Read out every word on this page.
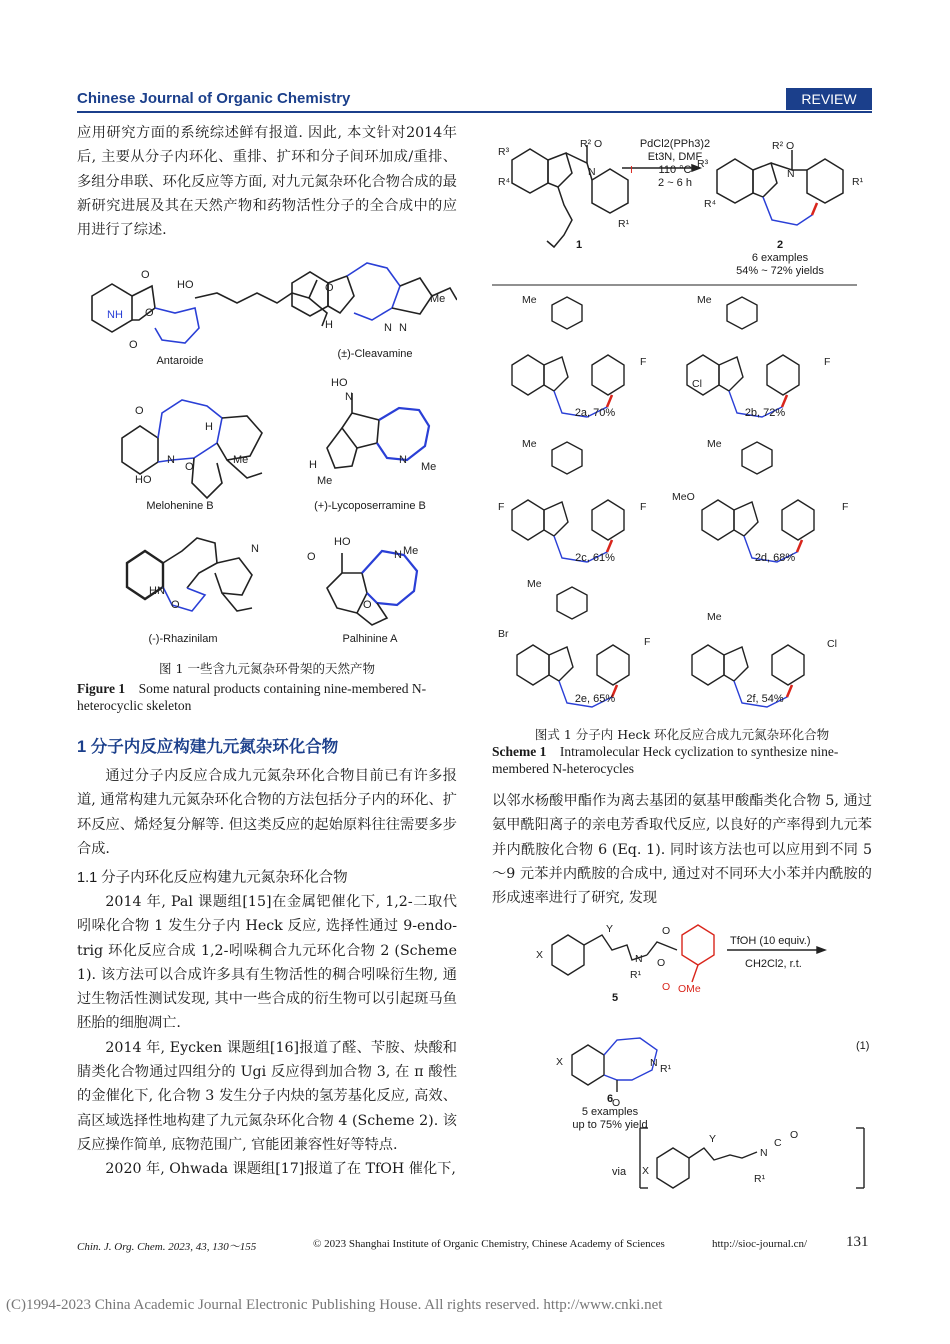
Chinese Journal of Organic Chemistry	REVIEW

应用研究方面的系统综述鲜有报道. 因此, 本文针对2014年后, 主要从分子内环化、重排、扩环和分子间环加成/重排、多组分串联、环化反应等方面, 对九元氮杂环化合物合成的最新研究进展及其在天然产物和药物活性分子的全合成中的应用进行了综述.

O
HO
NH O
O
O
Me
N N
H
O
H
N	Me
HO
O
HO
N
H
Me
Me
N
HN
O
N
HO
O	N Me
O
Antaroide
(±)-Cleavamine
Melohenine B	(+)-Lycoposerramine B
(-)-Rhazinilam	Palhinine A
图 1 一些含九元氮杂环骨架的天然产物
Figure 1 Some natural products containing nine-membered N-heterocyclic skeleton
1 分子内反应构建九元氮杂环化合物

通过分子内反应合成九元氮杂环化合物目前已有许多报道, 通常构建九元氮杂环化合物的方法包括分子内的环化、扩环反应、烯烃复分解等. 但这类反应的起始原料往往需要多步合成.

1.1 分子内环化反应构建九元氮杂环化合物

2014 年, Pal 课题组[15]在金属钯催化下, 1,2-二取代吲哚化合物 1 发生分子内 Heck 反应, 选择性通过 9-endo-trig 环化反应合成 1,2-吲哚稠合九元环化合物 2 (Scheme 1). 该方法可以合成许多具有生物活性的稠合吲哚衍生物, 通过生物活性测试发现, 其中一些合成的衍生物可以引起斑马鱼胚胎的细胞凋亡.

2014 年, Eycken 课题组[16]报道了醛、苄胺、炔酸和腈类化合物通过四组分的 Ugi 反应得到加合物 3, 在 π 酸性的金催化下, 化合物 3 发生分子内炔的氢芳基化反应, 高效、高区域选择性地构建了九元氮杂环化合物 4 (Scheme 2). 该反应操作简单, 底物范围广, 官能团兼容性好等特点.

2020 年, Ohwada 课题组[17]报道了在 TfOH 催化下,

R³
R⁴
R² O
N	I
R¹
R³
R⁴
R² O
N
R¹
Me	Me
F	F
Cl
Me	Me
F	F
MeO
F
Me
Br
F
Me
Cl
PdCl2(PPh3)2
Et3N, DMF
110 °C
2 ~ 6 h
1	2
6 examples
54% ~ 72% yields
2a, 70%	2b, 72%
2c, 61%	2d, 68%
2e, 65%	2f, 54%
图式 1 分子内 Heck 环化反应合成九元氮杂环化合物
Scheme 1 Intramolecular Heck cyclization to synthesize nine-membered N-heterocycles

以邻水杨酸甲酯作为离去基团的氨基甲酸酯类化合物 5, 通过氨甲酰阳离子的亲电芳香取代反应, 以良好的产率得到九元苯并内酰胺化合物 6 (Eq. 1). 同时该方法也可以应用到不同 5～9 元苯并内酰胺的合成中, 通过对不同环大小苯并内酰胺的形成速率进行了研究, 发现

X
Y
R¹
N
O
O
O OMe
X	N R¹
O
X
Y
N
C
O
R¹
TfOH (10 equiv.)
CH2Cl2, r.t.
5
6
5 examples
up to 75% yield
(1)
via
Chin. J. Org. Chem. 2023, 43, 130～155	© 2023 Shanghai Institute of Organic Chemistry, Chinese Academy of Sciences	http://sioc-journal.cn/	131
(C)1994-2023 China Academic Journal Electronic Publishing House. All rights reserved. http://www.cnki.net
